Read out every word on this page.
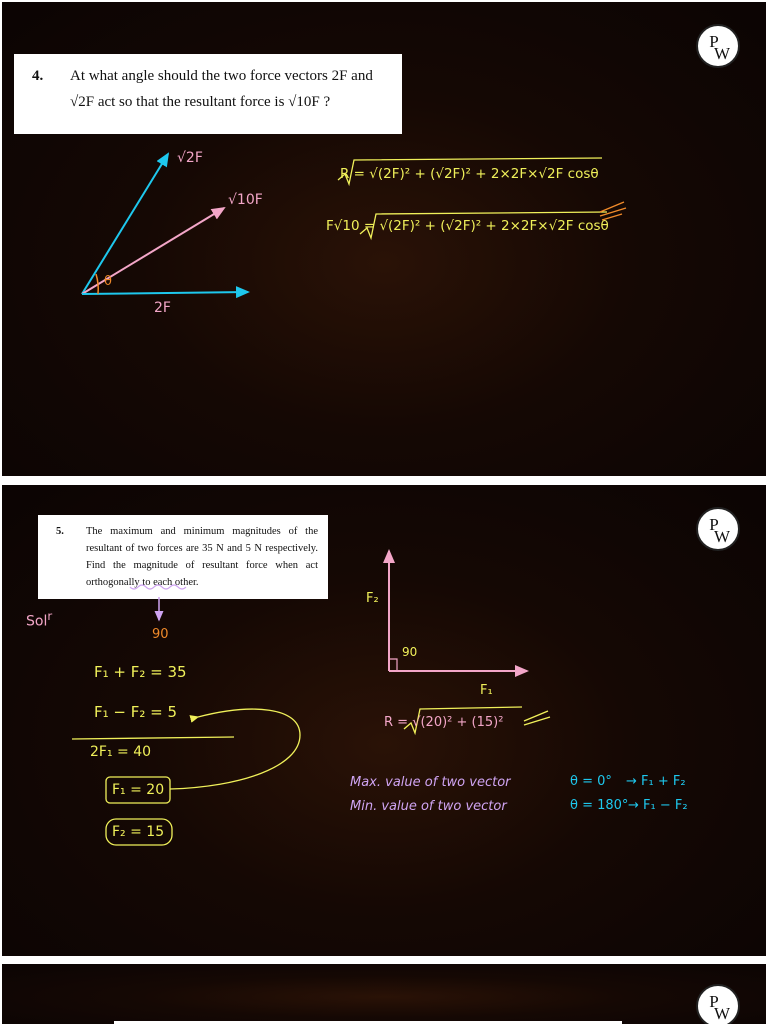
P
W
4. At what angle should the two force vectors 2F and
√2F act so that the resultant force is √10F ?
√2F
√10F
2F
θ
R = √(2F)² + (√2F)² + 2×2F×√2F cosθ
F√10 = √(2F)² + (√2F)² + 2×2F×√2F cosθ
P
W
5. The maximum and minimum magnitudes of the resultant of two forces are 35 N and 5 N respectively. Find the magnitude of resultant force when act orthogonally to each other.
Sol$^r$
90
F₁ + F₂ = 35
F₁ − F₂ = 5
2F₁ = 40
F₁ = 20
F₂ = 15
F₂
90
F₁
R = √(20)² + (15)²
Max. value of two vector	θ = 0° → F₁ + F₂
Min. value of two vector	θ = 180° → F₁ − F₂
P
W
